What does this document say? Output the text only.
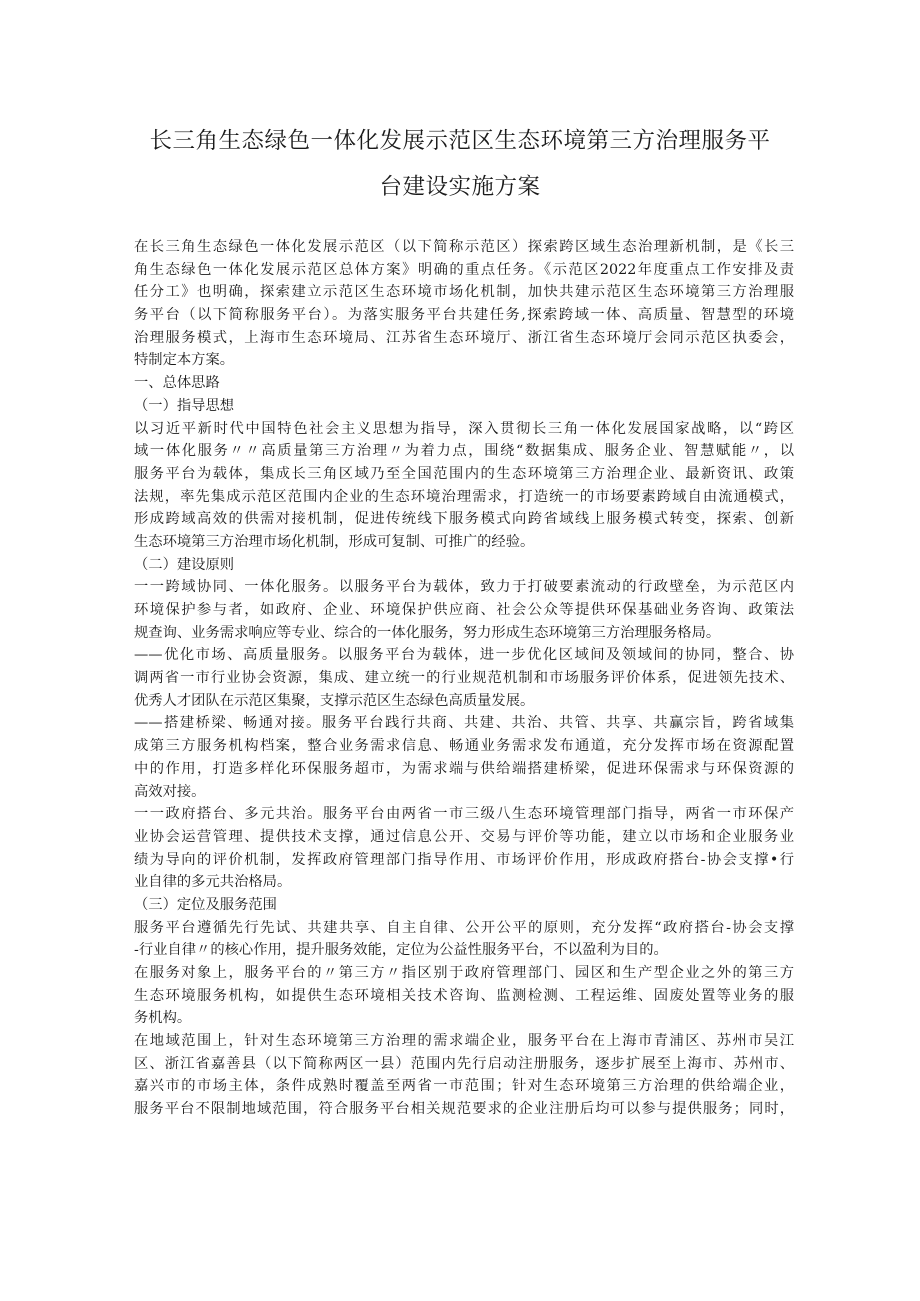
长三角生态绿色一体化发展示范区生态环境第三方治理服务平
台建设实施方案
在长三角生态绿色一体化发展示范区（以下简称示范区）探索跨区域生态治理新机制，是《长三
角生态绿色一体化发展示范区总体方案》明确的重点任务。《示范区2022年度重点工作安排及责
任分工》也明确，探索建立示范区生态环境市场化机制，加快共建示范区生态环境第三方治理服
务平台（以下简称服务平台）。为落实服务平台共建任务,探索跨域一体、高质量、智慧型的环境
治理服务模式，上海市生态环境局、江苏省生态环境厅、浙江省生态环境厅会同示范区执委会，
特制定本方案。
一、总体思路
（一）指导思想
以习近平新时代中国特色社会主义思想为指导，深入贯彻长三角一体化发展国家战略，以“跨区
域一体化服务〃〃高质量第三方治理〃为着力点，围绕“数据集成、服务企业、智慧赋能〃，以
服务平台为载体，集成长三角区域乃至全国范围内的生态环境第三方治理企业、最新资讯、政策
法规，率先集成示范区范围内企业的生态环境治理需求，打造统一的市场要素跨域自由流通模式，
形成跨域高效的供需对接机制，促进传统线下服务模式向跨省域线上服务模式转变，探索、创新
生态环境第三方治理市场化机制，形成可复制、可推广的经验。
（二）建设原则
一一跨域协同、一体化服务。以服务平台为载体，致力于打破要素流动的行政壁垒，为示范区内
环境保护参与者，如政府、企业、环境保护供应商、社会公众等提供环保基础业务咨询、政策法
规查询、业务需求响应等专业、综合的一体化服务，努力形成生态环境第三方治理服务格局。
——优化市场、高质量服务。以服务平台为载体，进一步优化区域间及领域间的协同，整合、协
调两省一市行业协会资源，集成、建立统一的行业规范机制和市场服务评价体系，促进领先技术、
优秀人才团队在示范区集聚，支撑示范区生态绿色高质量发展。
——搭建桥梁、畅通对接。服务平台践行共商、共建、共治、共管、共享、共赢宗旨，跨省域集
成第三方服务机构档案，整合业务需求信息、畅通业务需求发布通道，充分发挥市场在资源配置
中的作用，打造多样化环保服务超市，为需求端与供给端搭建桥梁，促进环保需求与环保资源的
高效对接。
一一政府搭台、多元共治。服务平台由两省一市三级八生态环境管理部门指导，两省一市环保产
业协会运营管理、提供技术支撑，通过信息公开、交易与评价等功能，建立以市场和企业服务业
绩为导向的评价机制，发挥政府管理部门指导作用、市场评价作用，形成政府搭台-协会支撑•行
业自律的多元共治格局。
（三）定位及服务范围
服务平台遵循先行先试、共建共享、自主自律、公开公平的原则，充分发挥“政府搭台-协会支撑
-行业自律〃的核心作用，提升服务效能，定位为公益性服务平台，不以盈利为目的。
在服务对象上，服务平台的〃第三方〃指区别于政府管理部门、园区和生产型企业之外的第三方
生态环境服务机构，如提供生态环境相关技术咨询、监测检测、工程运维、固废处置等业务的服
务机构。
在地域范围上，针对生态环境第三方治理的需求端企业，服务平台在上海市青浦区、苏州市吴江
区、浙江省嘉善县（以下简称两区一县）范围内先行启动注册服务，逐步扩展至上海市、苏州市、
嘉兴市的市场主体，条件成熟时覆盖至两省一市范围；针对生态环境第三方治理的供给端企业，
服务平台不限制地域范围，符合服务平台相关规范要求的企业注册后均可以参与提供服务；同时，
